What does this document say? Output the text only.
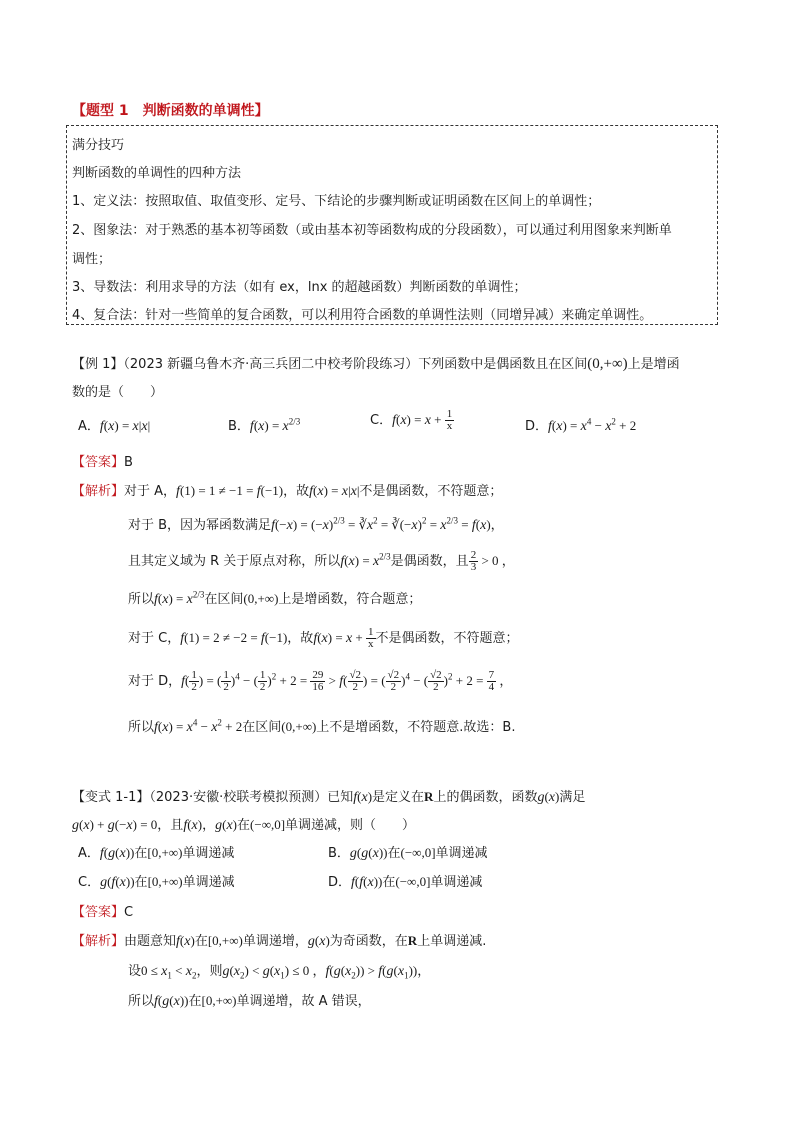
【题型 1　判断函数的单调性】
满分技巧
判断函数的单调性的四种方法
1、定义法：按照取值、取值变形、定号、下结论的步骤判断或证明函数在区间上的单调性；
2、图象法：对于熟悉的基本初等函数（或由基本初等函数构成的分段函数），可以通过利用图象来判断单
调性；
3、导数法：利用求导的方法（如有 ex，lnx 的超越函数）判断函数的单调性；
4、复合法：针对一些简单的复合函数，可以利用符合函数的单调性法则（同增异减）来确定单调性。
【例 1】（2023 新疆乌鲁木齐·高三兵团二中校考阶段练习）下列函数中是偶函数且在区间(0,+∞)上是增函
数的是（　　）
A．f(x) = x|x|	B．$f(x) = x^{2/3}$	C．$f(x) = x + \frac{1}{x}$	D．$f(x) = x^4 - x^2 + 2$
【答案】B
【解析】对于 A，f(1) = 1 ≠ −1 = f(−1)，故f(x) = x|x|不是偶函数，不符题意；
对于 B，因为幂函数满足$f(-x) = (-x)^{2/3}$ = $∛x^2$ = $∛(-x)^2 = x^{2/3} = f(x)$，
且其定义域为 R 关于原点对称，所以$f(x) = x^{2/3}$是偶函数，且 $\frac{2}{3} > 0$ ，
所以$f(x) = x^{2/3}$在区间(0,+∞)上是增函数，符合题意；
对于 C，f(1) = 2 ≠ −2 = f(−1)，故$f(x) = x + \frac{1}{x}$ 不是偶函数，不符题意；
对于 D，$f( \frac{1}{2}$ ) = ( $\frac{1}{2} )^4$ − ( $\frac{1}{2} )^2 + 2 = \frac{29}{16} > f( \frac{√2}{2}$ ) = ( $\frac{√2}{2} )^4$ − ( $\frac{√2}{2} )^2 + 2 = \frac{7}{4}$ ，
所以$f(x) = x^4 - x^2 + 2$在区间(0,+∞)上不是增函数，不符题意.故选：B.
【变式 1-1】（2023·安徽·校联考模拟预测）已知f(x)是定义在R上的偶函数，函数g(x)满足
g(x) + g(−x) = 0，且f(x)，g(x)在(−∞,0]单调递减，则（　　）
A．f(g(x))在[0,+∞)单调递减	B．g(g(x))在(−∞,0]单调递减
C．g(f(x))在[0,+∞)单调递减	D．f(f(x))在(−∞,0]单调递减
【答案】C
【解析】由题意知f(x)在[0,+∞)单调递增，g(x)为奇函数，在R上单调递减.
设$0 \le x_1 < x_2$，则$g(x_2) < g(x_1) \le 0$ ，$f(g(x_2)) > f(g(x_1))$，
所以f(g(x))在[0,+∞)单调递增，故 A 错误，
